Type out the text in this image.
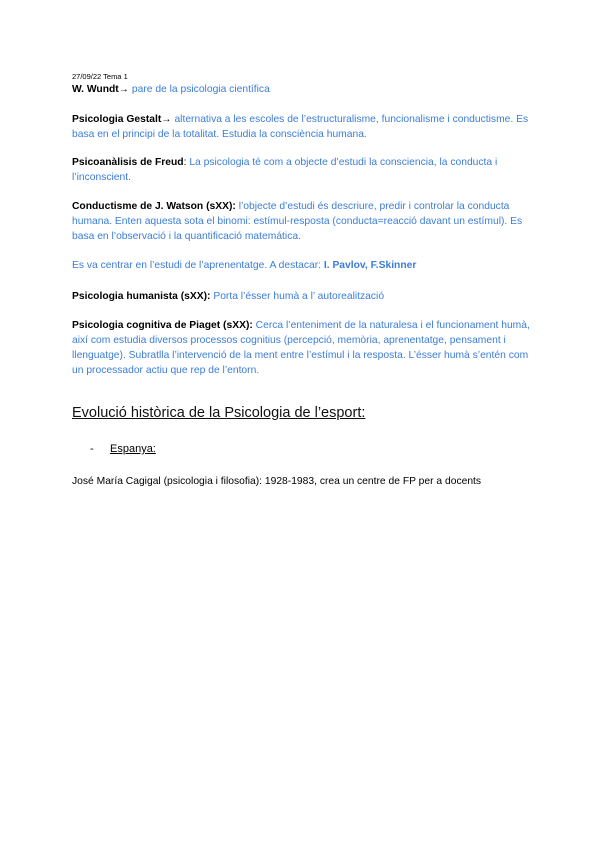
27/09/22 Tema 1
W. Wundt→ pare de la psicologia científica
Psicologia Gestalt→ alternativa a les escoles de l’estructuralisme, funcionalisme i conductisme. Es basa en el principi de la totalitat. Estudia la consciència humana.
Psicoanàlisis de Freud: La psicologia té com a objecte d’estudi la consciencia, la conducta i l’inconscient.
Conductisme de J. Watson (sXX): l’objecte d’estudi és descriure, predir i controlar la conducta humana. Enten aquesta sota el binomi: estímul-resposta (conducta=reacció davant un estímul). Es basa en l’observació i la quantificació matemática.
Es va centrar en l’estudi de l’aprenentatge. A destacar: I. Pavlov, F.Skinner
Psicologia humanista (sXX): Porta l’ésser humà a l’ autorealització
Psicologia cognitiva de Piaget (sXX): Cerca l’enteniment de la naturalesa i el funcionament humà, així com estudia diversos processos cognitius (percepció, memòria, aprenentatge, pensament i llenguatge). Subratlla l’intervenció de la ment entre l’estímul i la resposta. L’ésser humà s’entén com un processador actiu que rep de l’entorn.
Evolució històrica de la Psicologia de l’esport:
- Espanya:
José María Cagigal (psicologia i filosofia): 1928-1983, crea un centre de FP per a docents
